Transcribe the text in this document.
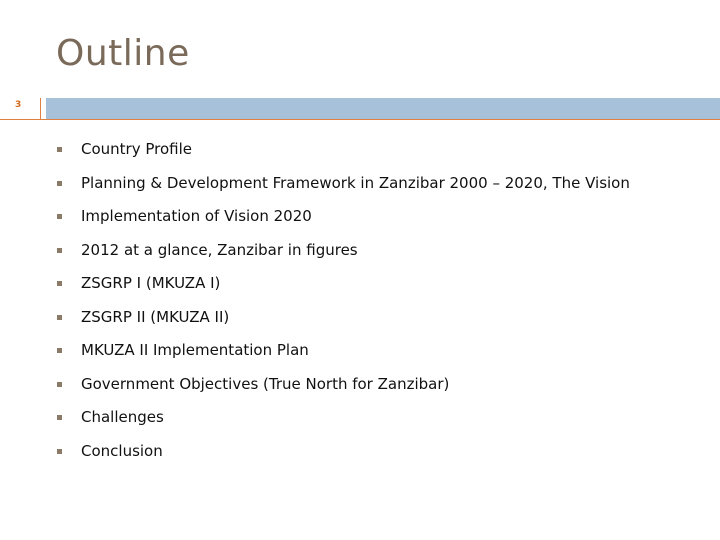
Outline
3
Country Profile
Planning & Development Framework in Zanzibar 2000 – 2020, The Vision
Implementation of Vision 2020
2012 at a glance, Zanzibar in figures
ZSGRP I (MKUZA I)
ZSGRP II (MKUZA II)
MKUZA II Implementation Plan
Government Objectives (True North for Zanzibar)
Challenges
Conclusion
